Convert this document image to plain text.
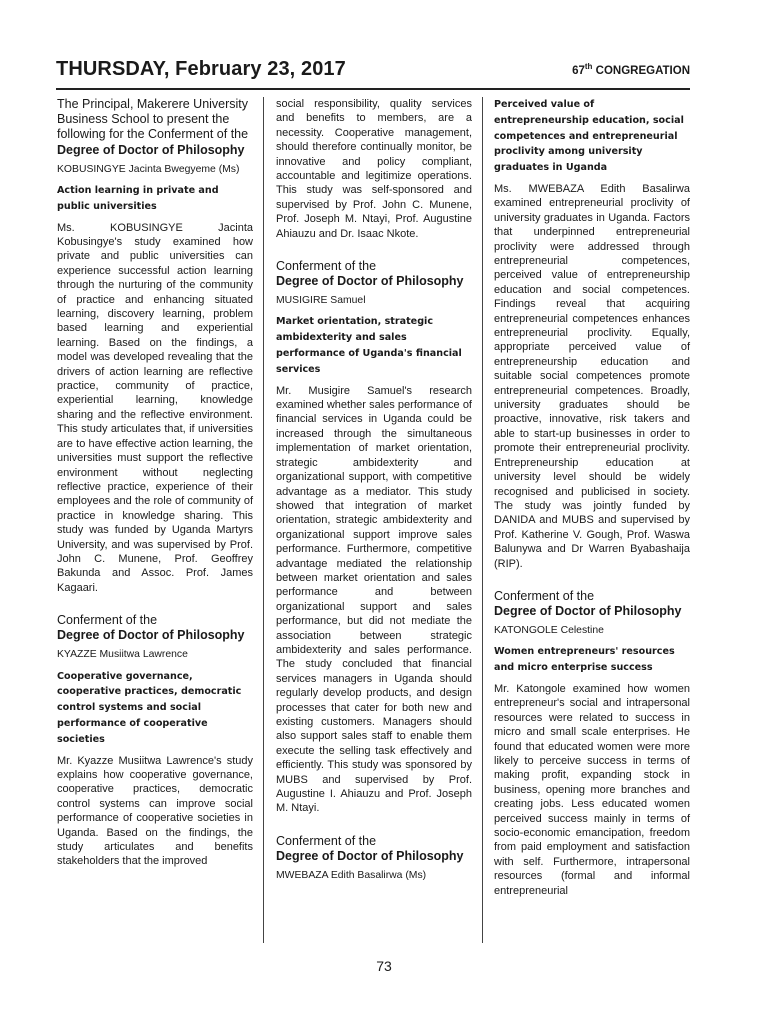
THURSDAY, February 23, 2017	67th CONGREGATION
The Principal, Makerere University Business School to present the following for the Conferment of the
Degree of Doctor of Philosophy
KOBUSINGYE Jacinta Bwegyeme (Ms)
Action learning in private and public universities
Ms. KOBUSINGYE Jacinta Kobusingye's study examined how private and public universities can experience successful action learning through the nurturing of the community of practice and enhancing situated learning, discovery learning, problem based learning and experiential learning. Based on the findings, a model was developed revealing that the drivers of action learning are reflective practice, community of practice, experiential learning, knowledge sharing and the reflective environment. This study articulates that, if universities are to have effective action learning, the universities must support the reflective environment without neglecting reflective practice, experience of their employees and the role of community of practice in knowledge sharing. This study was funded by Uganda Martyrs University, and was supervised by Prof. John C. Munene, Prof. Geoffrey Bakunda and Assoc. Prof. James Kagaari.
Conferment of the
Degree of Doctor of Philosophy
KYAZZE Musiitwa Lawrence
Cooperative governance, cooperative practices, democratic control systems and social performance of cooperative societies
Mr. Kyazze Musiitwa Lawrence's study explains how cooperative governance, cooperative practices, democratic control systems can improve social performance of cooperative societies in Uganda. Based on the findings, the study articulates and benefits stakeholders that the improved
social responsibility, quality services and benefits to members, are a necessity. Cooperative management, should therefore continually monitor, be innovative and policy compliant, accountable and legitimize operations. This study was self-sponsored and supervised by Prof. John C. Munene, Prof. Joseph M. Ntayi, Prof. Augustine Ahiauzu and Dr. Isaac Nkote.
Conferment of the
Degree of Doctor of Philosophy
MUSIGIRE Samuel
Market orientation, strategic ambidexterity and sales performance of Uganda's financial services
Mr. Musigire Samuel's research examined whether sales performance of financial services in Uganda could be increased through the simultaneous implementation of market orientation, strategic ambidexterity and organizational support, with competitive advantage as a mediator. This study showed that integration of market orientation, strategic ambidexterity and organizational support improve sales performance. Furthermore, competitive advantage mediated the relationship between market orientation and sales performance and between organizational support and sales performance, but did not mediate the association between strategic ambidexterity and sales performance. The study concluded that financial services managers in Uganda should regularly develop products, and design processes that cater for both new and existing customers. Managers should also support sales staff to enable them execute the selling task effectively and efficiently. This study was sponsored by MUBS and supervised by Prof. Augustine I. Ahiauzu and Prof. Joseph M. Ntayi.
Conferment of the
Degree of Doctor of Philosophy
MWEBAZA Edith Basalirwa (Ms)
Perceived value of entrepreneurship education, social competences and entrepreneurial proclivity among university graduates in Uganda
Ms. MWEBAZA Edith Basalirwa examined entrepreneurial proclivity of university graduates in Uganda. Factors that underpinned entrepreneurial proclivity were addressed through entrepreneurial competences, perceived value of entrepreneurship education and social competences. Findings reveal that acquiring entrepreneurial competences enhances entrepreneurial proclivity. Equally, appropriate perceived value of entrepreneurship education and suitable social competences promote entrepreneurial competences. Broadly, university graduates should be proactive, innovative, risk takers and able to start-up businesses in order to promote their entrepreneurial proclivity. Entrepreneurship education at university level should be widely recognised and publicised in society. The study was jointly funded by DANIDA and MUBS and supervised by Prof. Katherine V. Gough, Prof. Waswa Balunywa and Dr Warren Byabashaija (RIP).
Conferment of the
Degree of Doctor of Philosophy
KATONGOLE Celestine
Women entrepreneurs' resources and micro enterprise success
Mr. Katongole examined how women entrepreneur's social and intrapersonal resources were related to success in micro and small scale enterprises. He found that educated women were more likely to perceive success in terms of making profit, expanding stock in business, opening more branches and creating jobs. Less educated women perceived success mainly in terms of socio-economic emancipation, freedom from paid employment and satisfaction with self. Furthermore, intrapersonal resources (formal and informal entrepreneurial
73
